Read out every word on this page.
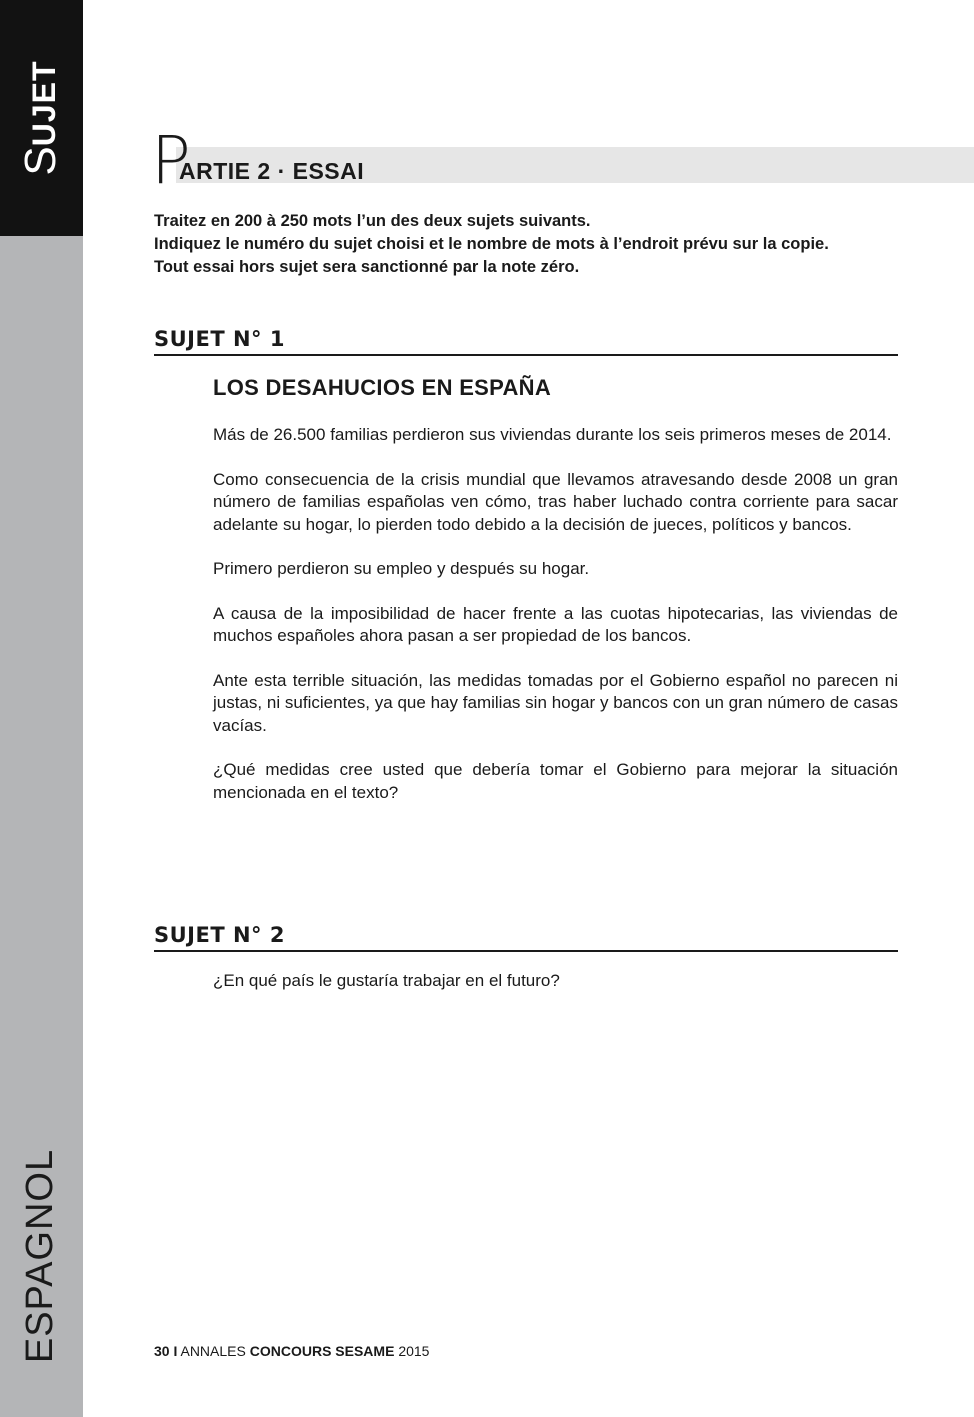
SUJET
ESPAGNOL
P
ARTIE 2 · ESSAI
Traitez en 200 à 250 mots l’un des deux sujets suivants.
Indiquez le numéro du sujet choisi et le nombre de mots à l’endroit prévu sur la copie.
Tout essai hors sujet sera sanctionné par la note zéro.
SUJET N° 1
LOS DESAHUCIOS EN ESPAÑA

Más de 26.500 familias perdieron sus viviendas durante los seis primeros meses de 2014.

Como consecuencia de la crisis mundial que llevamos atravesando desde 2008 un gran número de familias españolas ven cómo, tras haber luchado contra corriente para sacar adelante su hogar, lo pierden todo debido a la decisión de jueces, políticos y bancos.

Primero perdieron su empleo y después su hogar.

A causa de la imposibilidad de hacer frente a las cuotas hipotecarias, las viviendas de muchos españoles ahora pasan a ser propiedad de los bancos.

Ante esta terrible situación, las medidas tomadas por el Gobierno español no parecen ni justas, ni suficientes, ya que hay familias sin hogar y bancos con un gran número de casas vacías.

¿Qué medidas cree usted que debería tomar el Gobierno para mejorar la situación mencionada en el texto?

SUJET N° 2
¿En qué país le gustaría trabajar en el futuro?
30 I ANNALES CONCOURS SESAME 2015
